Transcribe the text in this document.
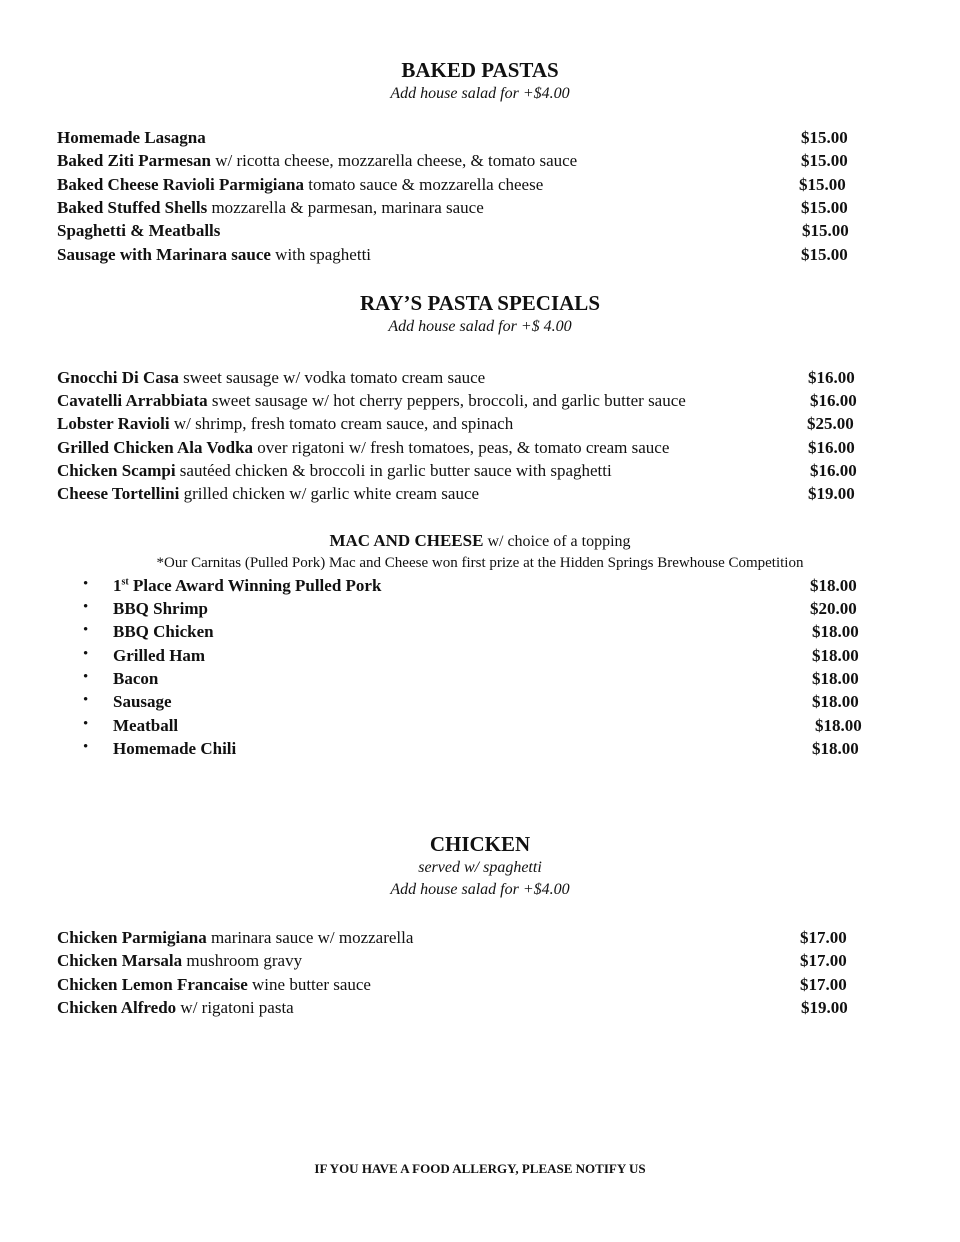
BAKED PASTAS
Add house salad for +$4.00
Homemade Lasagna	$15.00
Baked Ziti Parmesan w/ ricotta cheese, mozzarella cheese, & tomato sauce	$15.00
Baked Cheese Ravioli Parmigiana tomato sauce & mozzarella cheese	$15.00
Baked Stuffed Shells mozzarella & parmesan, marinara sauce	$15.00
Spaghetti & Meatballs	$15.00
Sausage with Marinara sauce with spaghetti	$15.00
RAY’S PASTA SPECIALS
Add house salad for +$ 4.00
Gnocchi Di Casa sweet sausage w/ vodka tomato cream sauce	$16.00
Cavatelli Arrabbiata sweet sausage w/ hot cherry peppers, broccoli, and garlic butter sauce	$16.00
Lobster Ravioli w/ shrimp, fresh tomato cream sauce, and spinach	$25.00
Grilled Chicken Ala Vodka over rigatoni w/ fresh tomatoes, peas, & tomato cream sauce	$16.00
Chicken Scampi sautéed chicken & broccoli in garlic butter sauce with spaghetti	$16.00
Cheese Tortellini grilled chicken w/ garlic white cream sauce	$19.00
MAC AND CHEESE w/ choice of a topping
*Our Carnitas (Pulled Pork) Mac and Cheese won first prize at the Hidden Springs Brewhouse Competition
• 1st Place Award Winning Pulled Pork	$18.00
• BBQ Shrimp	$20.00
• BBQ Chicken	$18.00
• Grilled Ham	$18.00
• Bacon	$18.00
• Sausage	$18.00
• Meatball	$18.00
• Homemade Chili	$18.00
CHICKEN
served w/ spaghetti
Add house salad for +$4.00
Chicken Parmigiana marinara sauce w/ mozzarella	$17.00
Chicken Marsala mushroom gravy	$17.00
Chicken Lemon Francaise wine butter sauce	$17.00
Chicken Alfredo w/ rigatoni pasta	$19.00
IF YOU HAVE A FOOD ALLERGY, PLEASE NOTIFY US
